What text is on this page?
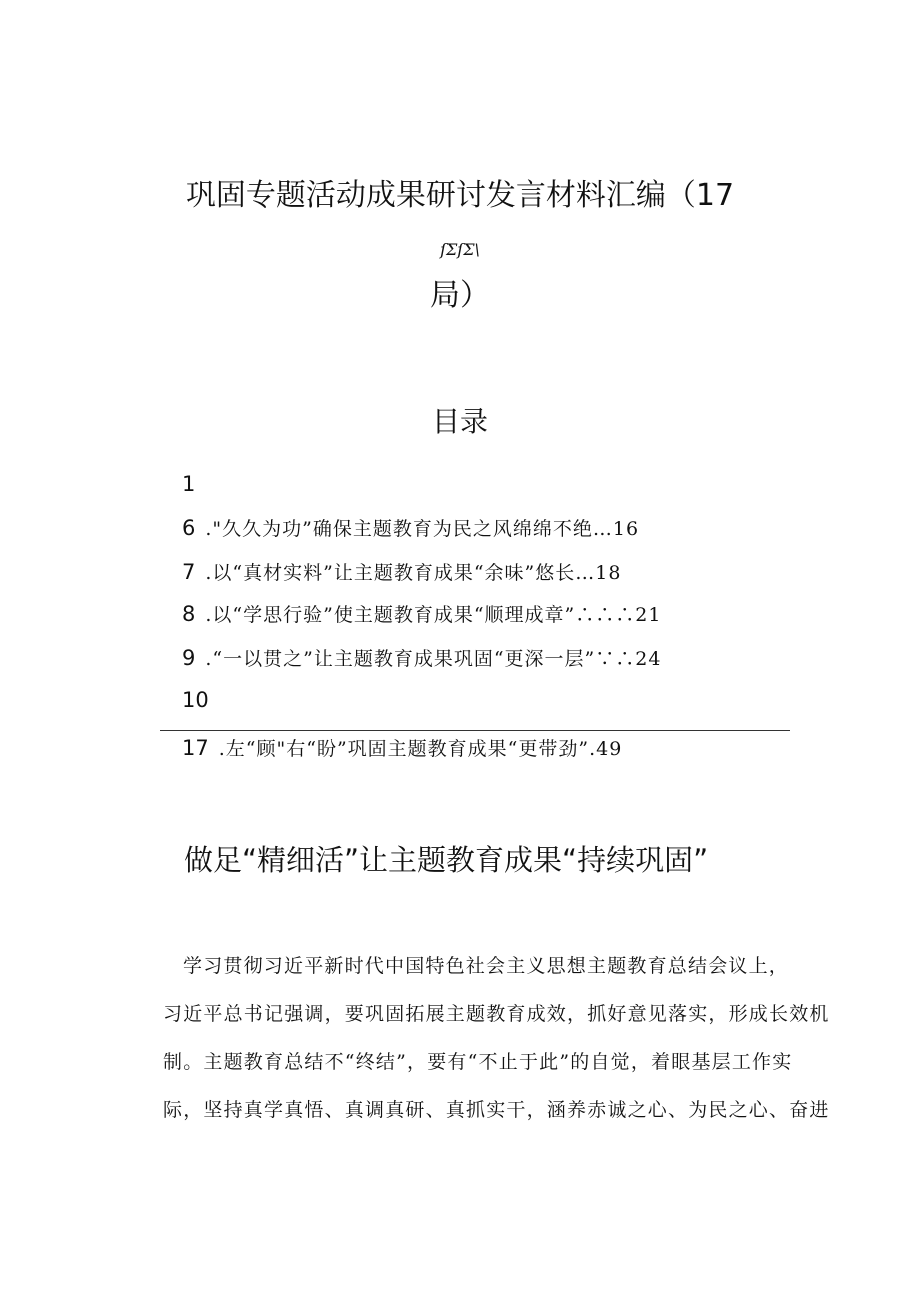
巩固专题活动成果研讨发言材料汇编（17
ſΣſΣ\
局）
目录
1
6 ."久久为功”确保主题教育为民之风绵绵不绝…16
7 .以“真材实料”让主题教育成果“余味”悠长…18
8 .以“学思行验”使主题教育成果“顺理成章”∴∴∴21
9 .“一以贯之”让主题教育成果巩固“更深一层”∵∴24
10
17 .左“顾"右“盼”巩固主题教育成果“更带劲”.49
做足“精细活”让主题教育成果“持续巩固”
学习贯彻习近平新时代中国特色社会主义思想主题教育总结会议上，
习近平总书记强调，要巩固拓展主题教育成效，抓好意见落实，形成长效机
制。主题教育总结不“终结”，要有“不止于此”的自觉，着眼基层工作实
际，坚持真学真悟、真调真研、真抓实干，涵养赤诚之心、为民之心、奋进
